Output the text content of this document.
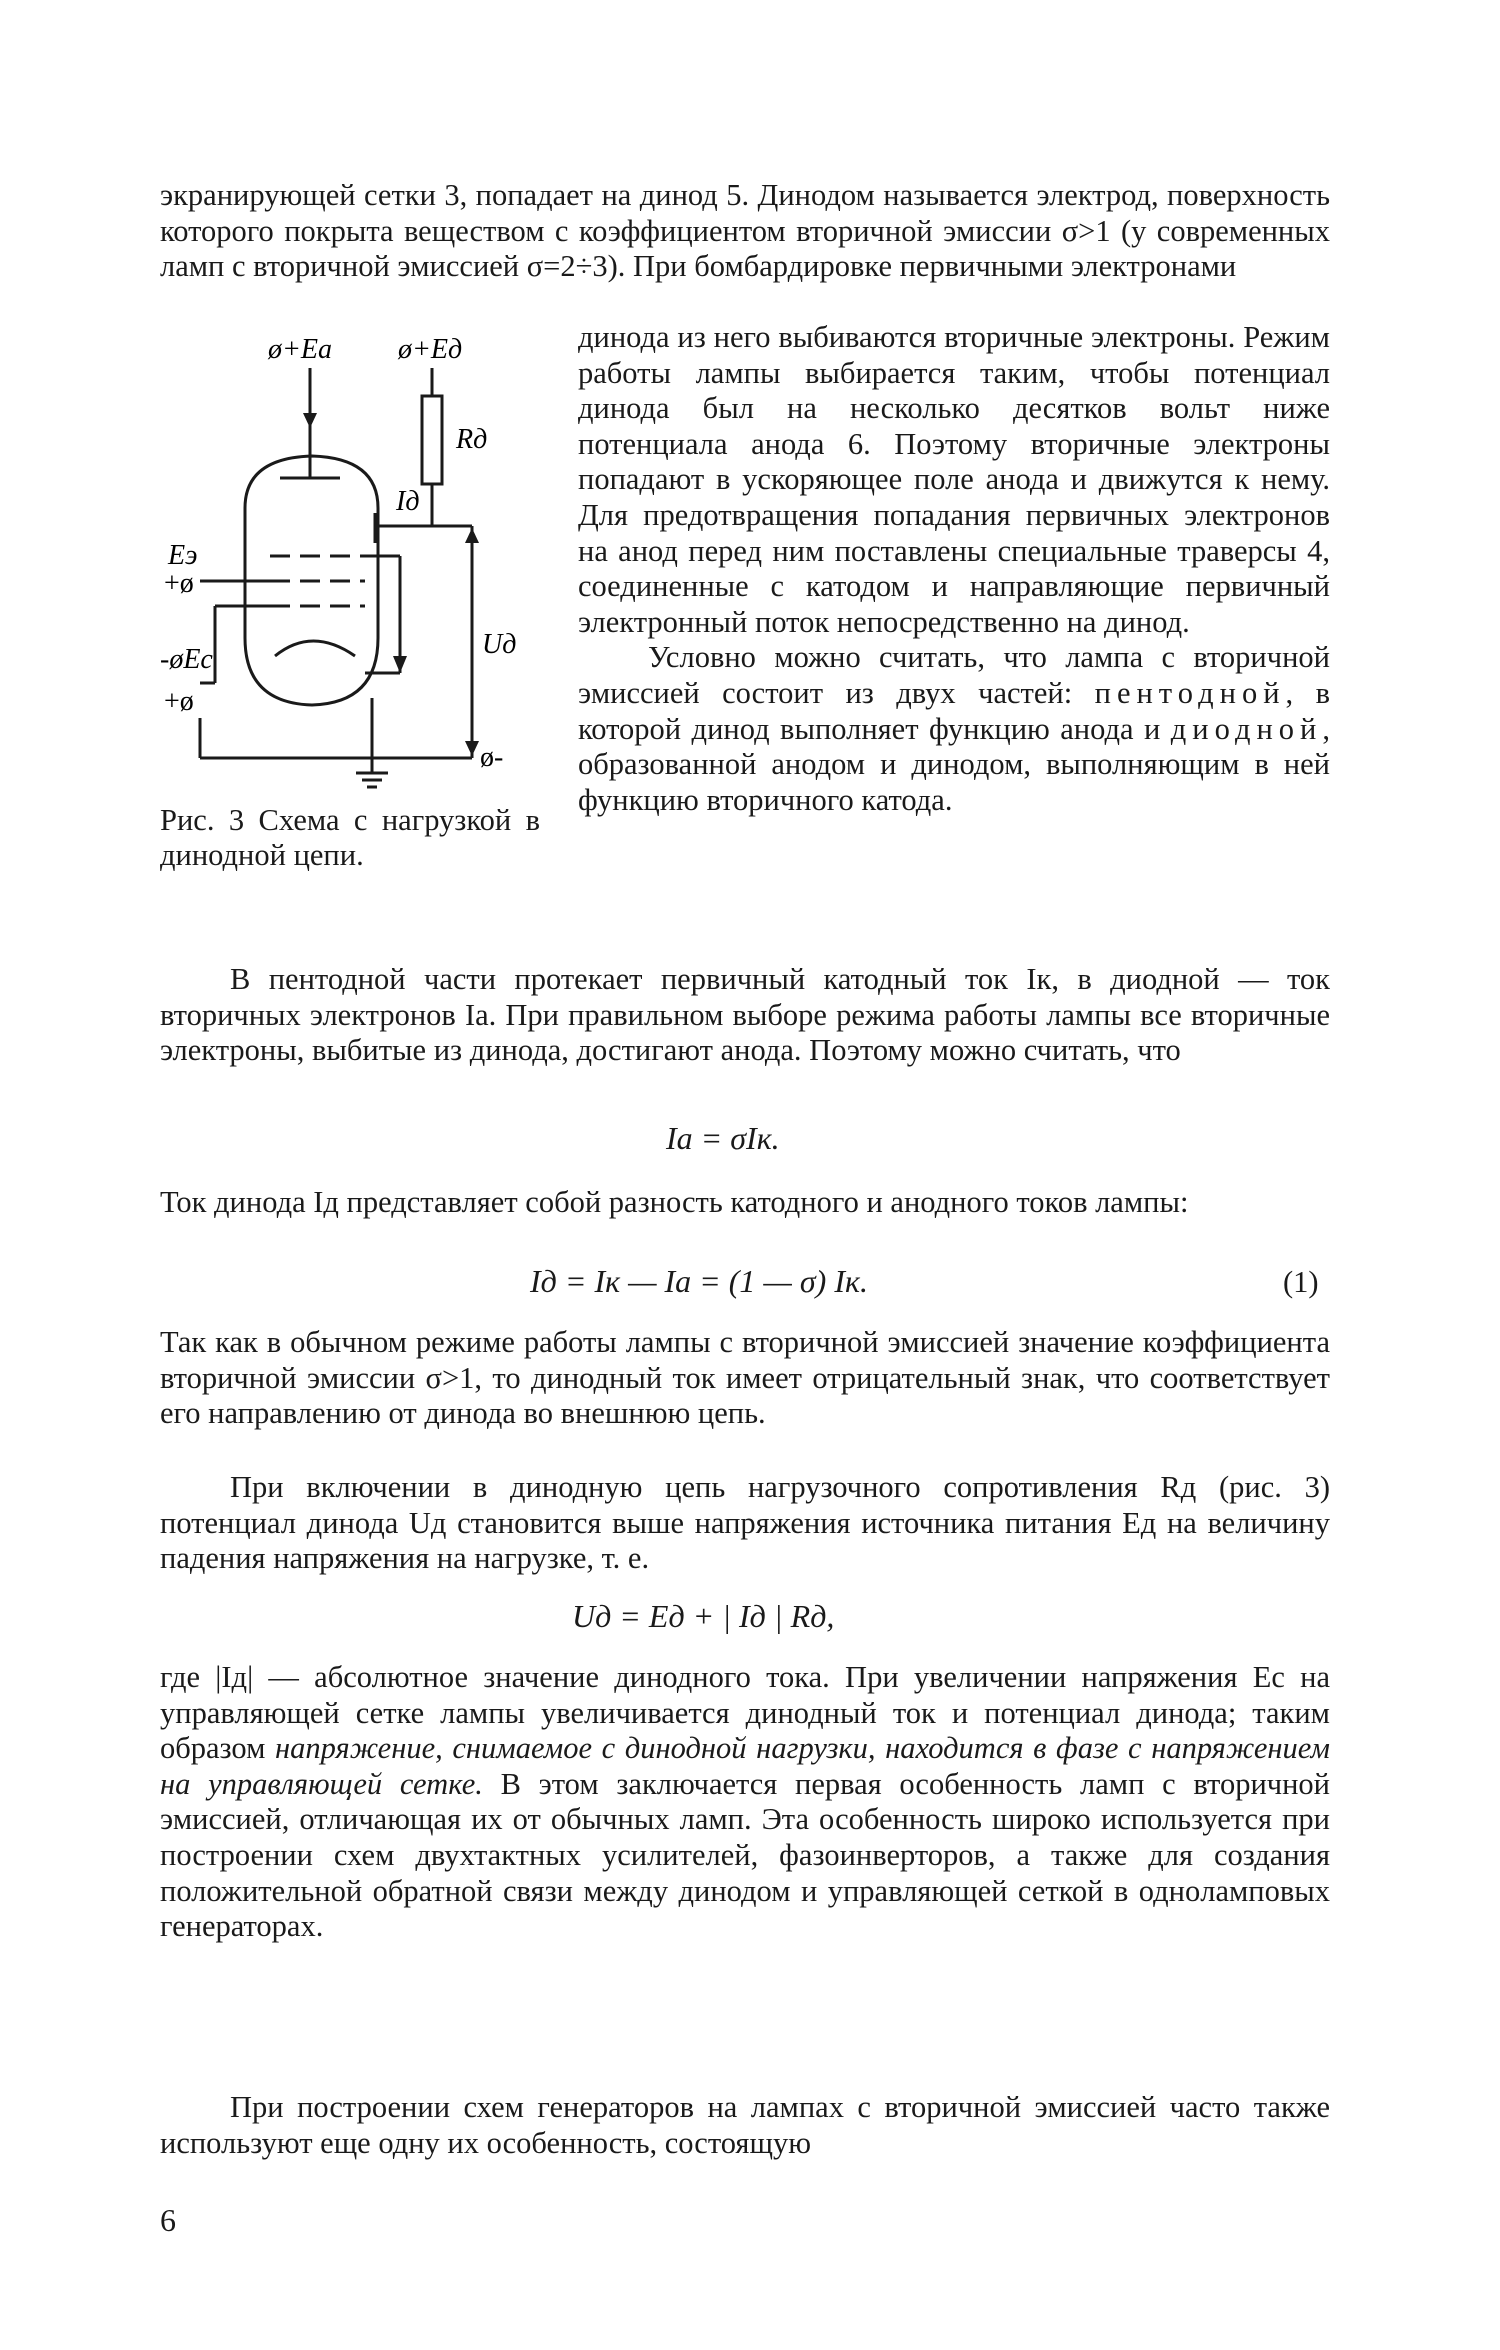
экранирующей сетки 3, попадает на динод 5. Динодом называется электрод, поверхность которого покрыта веществом с коэффициентом вторичной эмиссии σ>1 (у современных ламп с вторичной эмиссией σ=2÷3). При бомбардировке первичными электронами

ø+Eа ø+Eд
Rд
Iд
Uд
Eэ
+ø
-øEс
+ø
ø-

Рис. 3 Схема с нагрузкой в динодной цепи.

динода из него выбиваются вторичные электроны. Режим работы лампы выбирается таким, чтобы потенциал динода был на несколько десятков вольт ниже потенциала анода 6. Поэтому вторичные электроны попадают в ускоряющее поле анода и движутся к нему. Для предотвращения попадания первичных электронов на анод перед ним поставлены специальные траверсы 4, соединенные с катодом и направляющие первичный электронный поток непосредственно на динод.

Условно можно считать, что лампа с вторичной эмиссией состоит из двух частей: пентодной, в которой динод выполняет функцию анода и диодной, образованной анодом и динодом, выполняющим в ней функцию вторичного катода.

В пентодной части протекает первичный катодный ток Iк, в диодной — ток вторичных электронов Iа. При правильном выборе режима работы лампы все вторичные электроны, выбитые из динода, достигают анода. Поэтому можно считать, что

Iа = σIк.

Ток динода Iд представляет собой разность катодного и анодного токов лампы:

Iд = Iк — Iа = (1 — σ) Iк.	(1)

Так как в обычном режиме работы лампы с вторичной эмиссией значение коэффициента вторичной эмиссии σ>1, то динодный ток имеет отрицательный знак, что соответствует его направлению от динода во внешнюю цепь.

При включении в динодную цепь нагрузочного сопротивления Rд (рис. 3) потенциал динода Uд становится выше напряжения источника питания Eд на величину падения напряжения на нагрузке, т. е.

Uд = Eд + | Iд | Rд,

где |Iд| — абсолютное значение динодного тока. При увеличении напряжения Eс на управляющей сетке лампы увеличивается динодный ток и потенциал динода; таким образом напряжение, снимаемое с динодной нагрузки, находится в фазе с напряжением на управляющей сетке. В этом заключается первая особенность ламп с вторичной эмиссией, отличающая их от обычных ламп. Эта особенность широко используется при построении схем двухтактных усилителей, фазоинверторов, а также для создания положительной обратной связи между динодом и управляющей сеткой в однoламповых генераторах.

При построении схем генераторов на лампах с вторичной эмиссией часто также используют еще одну их особенность, состоящую

6
